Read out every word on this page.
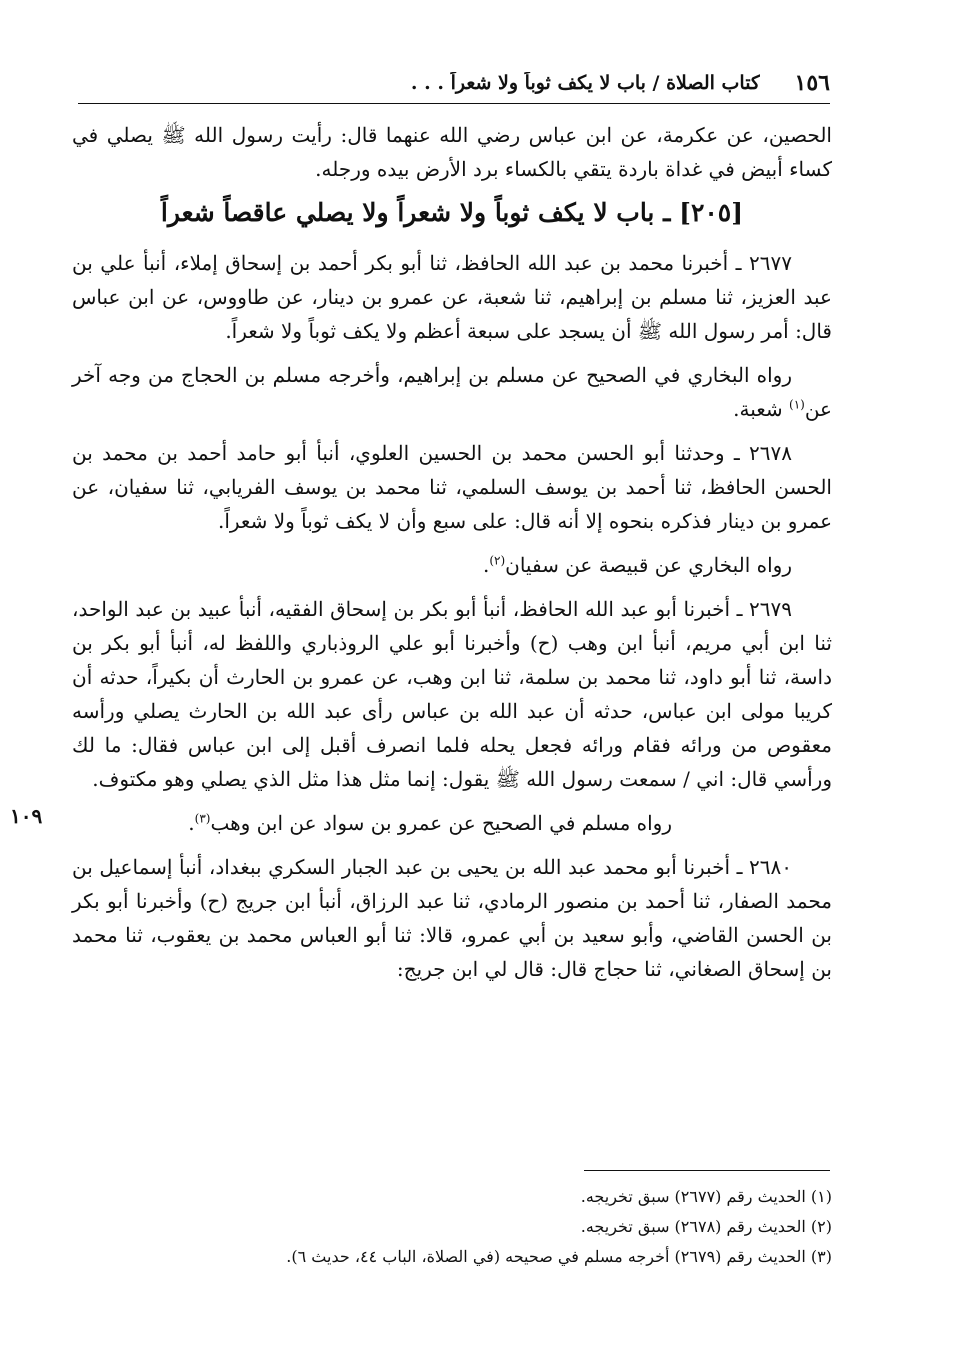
١٥٦
كتاب الصلاة / باب لا يكف ثوباً ولا شعراً . . .

الحصين، عن عكرمة، عن ابن عباس رضي الله عنهما قال: رأيت رسول الله ﷺ يصلي في كساء أبيض في غداة باردة يتقي بالكساء برد الأرض بيده ورجله.

[٢٠٥] ـ باب لا يكف ثوباً ولا شعراً ولا يصلي عاقصاً شعراً

٢٦٧٧ ـ أخبرنا محمد بن عبد الله الحافظ، ثنا أبو بكر أحمد بن إسحاق إملاء، أنبأ علي بن عبد العزيز، ثنا مسلم بن إبراهيم، ثنا شعبة، عن عمرو بن دينار، عن طاووس، عن ابن عباس قال: أمر رسول الله ﷺ أن يسجد على سبعة أعظم ولا يكف ثوباً ولا شعراً.

رواه البخاري في الصحيح عن مسلم بن إبراهيم، وأخرجه مسلم بن الحجاج من وجه آخر عن$^{(١)}$ شعبة.

٢٦٧٨ ـ وحدثنا أبو الحسن محمد بن الحسين العلوي، أنبأ أبو حامد أحمد بن محمد بن الحسن الحافظ، ثنا أحمد بن يوسف السلمي، ثنا محمد بن يوسف الفريابي، ثنا سفيان، عن عمرو بن دينار فذكره بنحوه إلا أنه قال: على سبع وأن لا يكف ثوباً ولا شعراً.

رواه البخاري عن قبيصة عن سفيان$^{(٢)}$.

١٠٩

٢٦٧٩ ـ أخبرنا أبو عبد الله الحافظ، أنبأ أبو بكر بن إسحاق الفقيه، أنبأ عبيد بن عبد الواحد، ثنا ابن أبي مريم، أنبأ ابن وهب (ح) وأخبرنا أبو علي الروذباري واللفظ له، أنبأ أبو بكر بن داسة، ثنا أبو داود، ثنا محمد بن سلمة، ثنا ابن وهب، عن عمرو بن الحارث أن بكيراً، حدثه أن كريبا مولى ابن عباس، حدثه أن عبد الله بن عباس رأى عبد الله بن الحارث يصلي ورأسه معقوص من ورائه فقام ورائه فجعل يحله فلما انصرف أقبل إلى ابن عباس فقال: ما لك ورأسي قال: اني / سمعت رسول الله ﷺ يقول: إنما مثل هذا مثل الذي يصلي وهو مكتوف.

رواه مسلم في الصحيح عن عمرو بن سواد عن ابن وهب$^{(٣)}$.

٢٦٨٠ ـ أخبرنا أبو محمد عبد الله بن يحيى بن عبد الجبار السكري ببغداد، أنبأ إسماعيل بن محمد الصفار، ثنا أحمد بن منصور الرمادي، ثنا عبد الرزاق، أنبأ ابن جريج (ح) وأخبرنا أبو بكر بن الحسن القاضي، وأبو سعيد بن أبي عمرو، قالا: ثنا أبو العباس محمد بن يعقوب، ثنا محمد بن إسحاق الصغاني، ثنا حجاج قال: قال لي ابن جريج:

(١) الحديث رقم (٢٦٧٧) سبق تخريجه.
(٢) الحديث رقم (٢٦٧٨) سبق تخريجه.
(٣) الحديث رقم (٢٦٧٩) أخرجه مسلم في صحيحه (في الصلاة، الباب ٤٤، حديث ٦).
